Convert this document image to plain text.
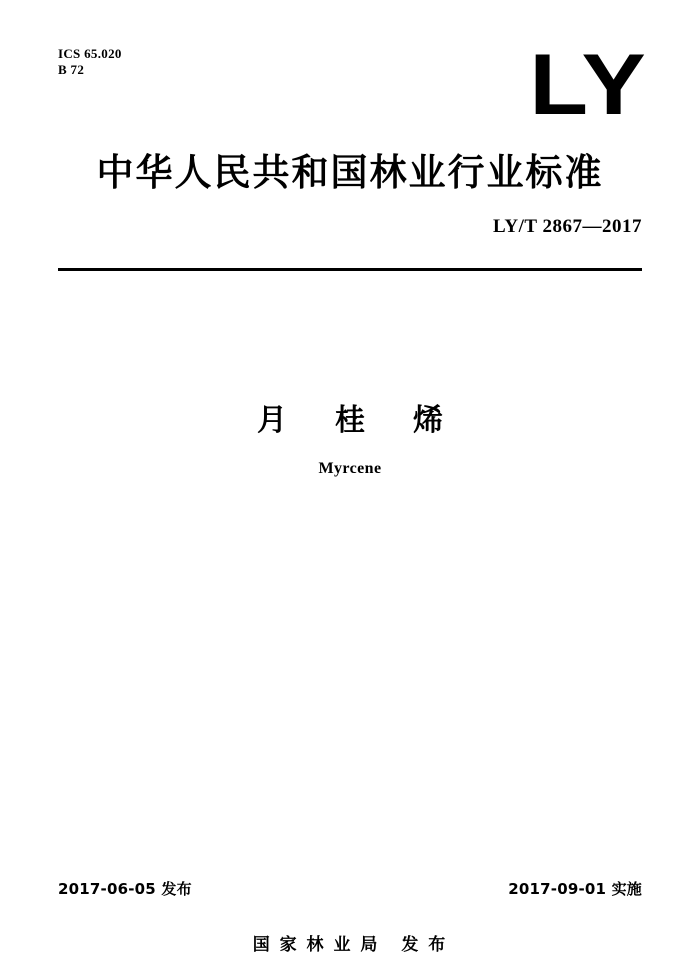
ICS 65.020
B 72	LY
中华人民共和国林业行业标准
LY/T 2867—2017
月 桂 烯
Myrcene
2017-06-05 发布	2017-09-01 实施
国 家 林 业 局 发 布
